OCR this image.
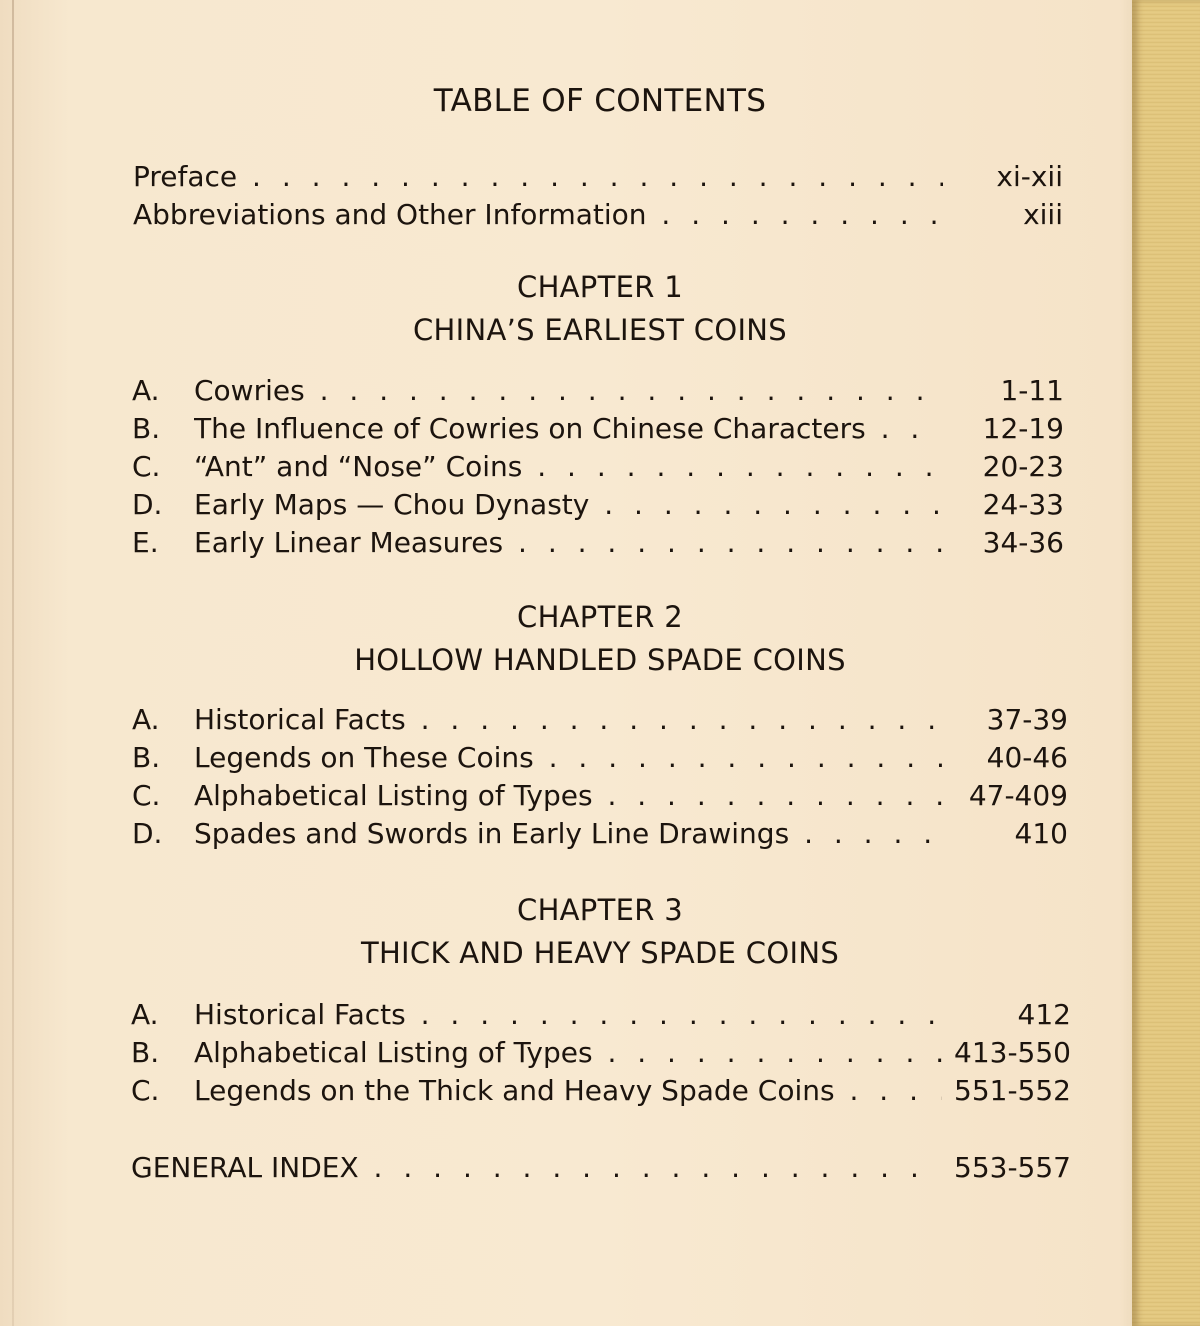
TABLE OF CONTENTS
Preface . . .	xi-xii
Abbreviations and Other Information . . .	xiii
CHAPTER 1
CHINA’S EARLIEST COINS
A. Cowries . . .	1-11
B. The Influence of Cowries on Chinese Characters . . .	12-19
C. “Ant” and “Nose” Coins . . .	20-23
D. Early Maps — Chou Dynasty . . .	24-33
E. Early Linear Measures . . .	34-36
CHAPTER 2
HOLLOW HANDLED SPADE COINS
A. Historical Facts . . .	37-39
B. Legends on These Coins . . .	40-46
C. Alphabetical Listing of Types . . .	47-409
D. Spades and Swords in Early Line Drawings . . .	410
CHAPTER 3
THICK AND HEAVY SPADE COINS
A. Historical Facts . . .	412
B. Alphabetical Listing of Types . . .	413-550
C. Legends on the Thick and Heavy Spade Coins . . .	551-552
GENERAL INDEX . . .	553-557
